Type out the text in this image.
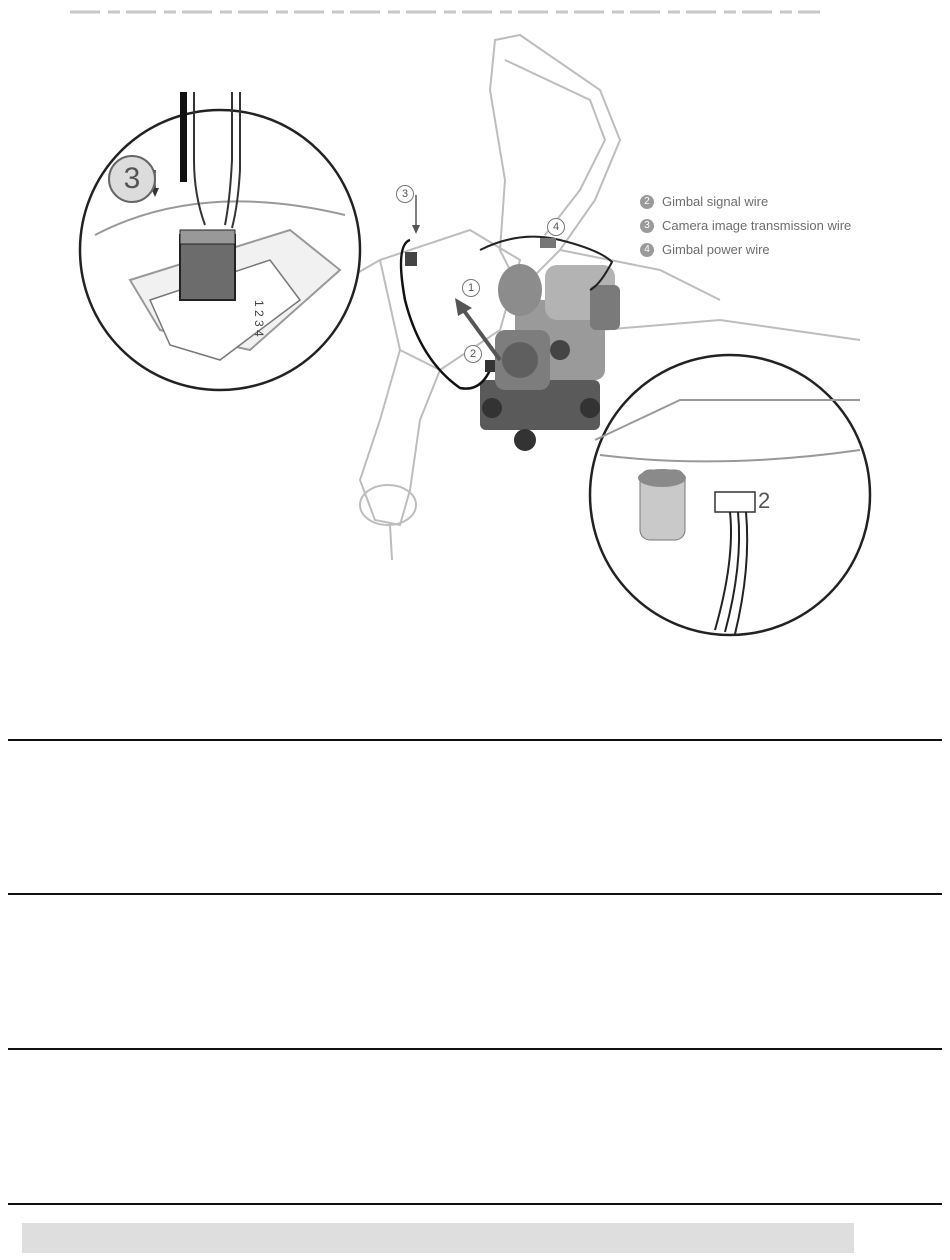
1 2 3 4
3
2
1
2
3
4
2 Gimbal signal wire
3 Camera image transmission wire
4 Gimbal power wire
